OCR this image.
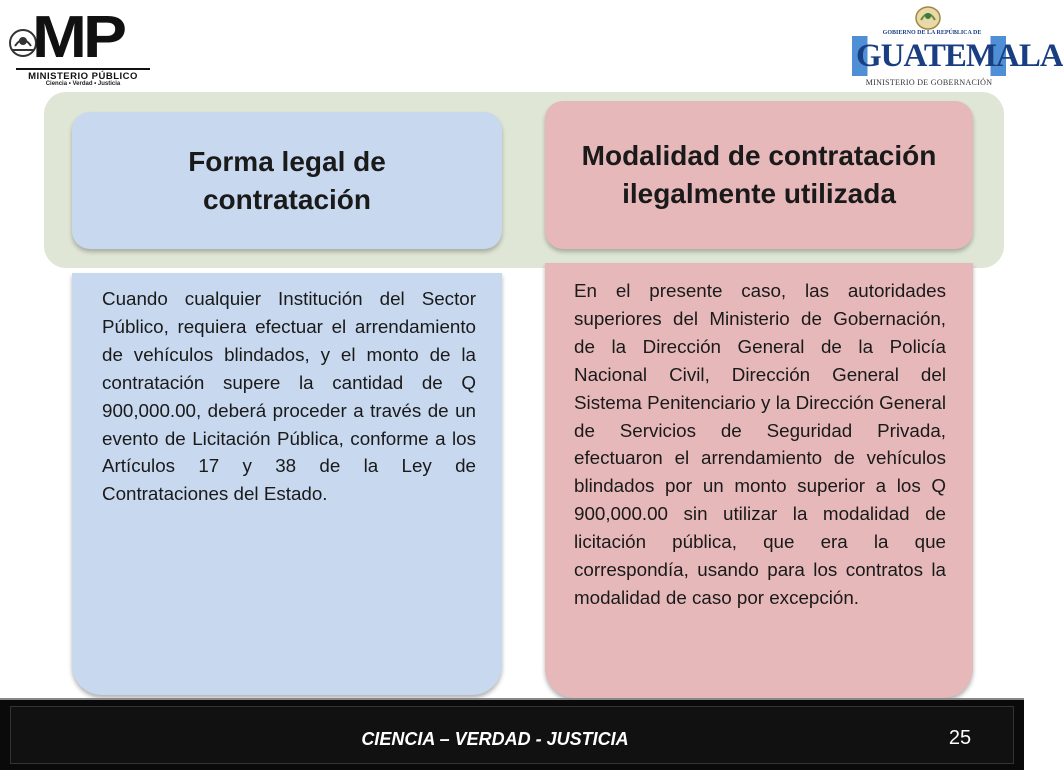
MP
MINISTERIO PÚBLICO
Ciencia • Verdad • Justicia
GOBIERNO DE LA REPÚBLICA DE
GUATEMALA
MINISTERIO DE GOBERNACIÓN
Forma legal de contratación
Modalidad de contratación ilegalmente utilizada

Cuando cualquier Institución del Sector Público, requiera efectuar el arrendamiento de vehículos blindados, y el monto de la contratación supere la cantidad de Q 900,000.00, deberá proceder a través de un evento de Licitación Pública, conforme a los Artículos 17 y 38 de la Ley de Contrataciones del Estado.

En el presente caso, las autoridades superiores del Ministerio de Gobernación, de la Dirección General de la Policía Nacional Civil, Dirección General del Sistema Penitenciario y la Dirección General de Servicios de Seguridad Privada, efectuaron el arrendamiento de vehículos blindados por un monto superior a los Q 900,000.00 sin utilizar la modalidad de licitación pública, que era la que correspondía, usando para los contratos la modalidad de caso por excepción.

CIENCIA – VERDAD - JUSTICIA	25
